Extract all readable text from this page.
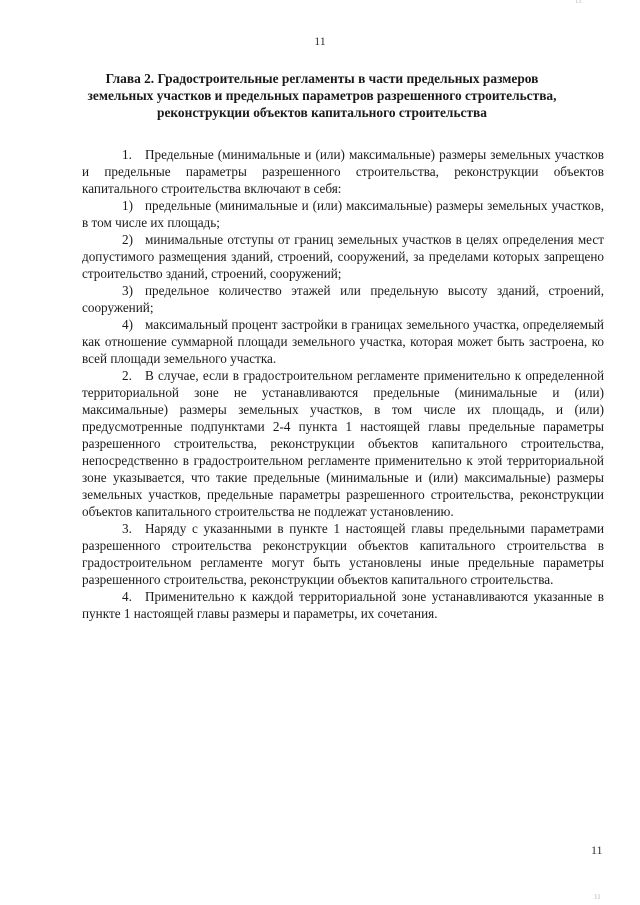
11
11
Глава 2. Градостроительные регламенты в части предельных размеров
земельных участков и предельных параметров разрешенного строительства,
реконструкции объектов капитального строительства

1. Предельные (минимальные и (или) максимальные) размеры земельных участков и предельные параметры разрешенного строительства, реконструкции объектов капитального строительства включают в себя:

1) предельные (минимальные и (или) максимальные) размеры земельных участков, в том числе их площадь;

2) минимальные отступы от границ земельных участков в целях определения мест допустимого размещения зданий, строений, сооружений, за пределами которых запрещено строительство зданий, строений, сооружений;

3) предельное количество этажей или предельную высоту зданий, строений, сооружений;

4) максимальный процент застройки в границах земельного участка, определяемый как отношение суммарной площади земельного участка, которая может быть застроена, ко всей площади земельного участка.

2. В случае, если в градостроительном регламенте применительно к определенной территориальной зоне не устанавливаются предельные (минимальные и (или) максимальные) размеры земельных участков, в том числе их площадь, и (или) предусмотренные подпунктами 2-4 пункта 1 настоящей главы предельные параметры разрешенного строительства, реконструкции объектов капитального строительства, непосредственно в градостроительном регламенте применительно к этой территориальной зоне указывается, что такие предельные (минимальные и (или) максимальные) размеры земельных участков, предельные параметры разрешенного строительства, реконструкции объектов капитального строительства не подлежат установлению.

3. Наряду с указанными в пункте 1 настоящей главы предельными параметрами разрешенного строительства реконструкции объектов капитального строительства в градостроительном регламенте могут быть установлены иные предельные параметры разрешенного строительства, реконструкции объектов капитального строительства.

4. Применительно к каждой территориальной зоне устанавливаются указанные в пункте 1 настоящей главы размеры и параметры, их сочетания.

11
11
